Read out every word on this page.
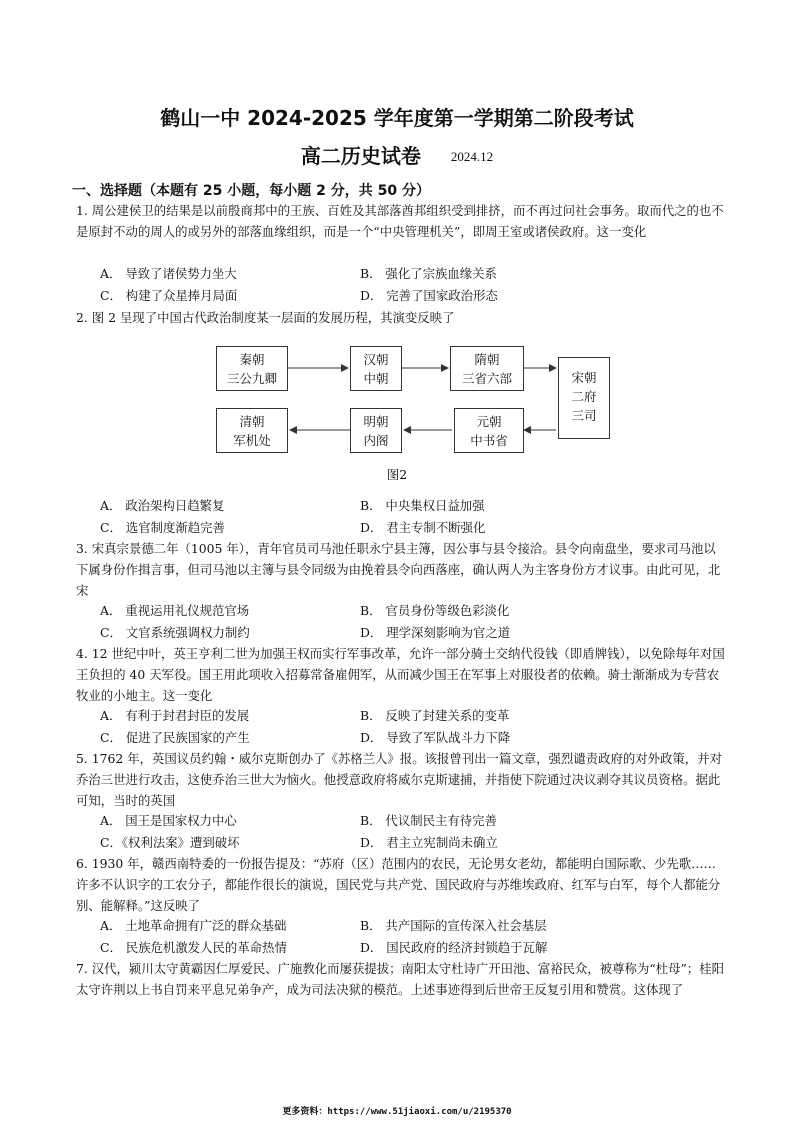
鹤山一中 2024-2025 学年度第一学期第二阶段考试
高二历史试卷 2024.12
一、选择题（本题有 25 小题，每小题 2 分，共 50 分）
1. 周公建侯卫的结果是以前殷商邦中的王族、百姓及其部落酋邦组织受到排挤，而不再过问社会事务。取而代之的也不是原封不动的周人的或另外的部落血缘组织，而是一个“中央管理机关”，即周王室或诸侯政府。这一变化
A． 导致了诸侯势力坐大	B． 强化了宗族血缘关系
C． 构建了众星捧月局面	D． 完善了国家政治形态
2. 图 2 呈现了中国古代政治制度某一层面的发展历程，其演变反映了
秦朝
三公九卿
汉朝
中朝
隋朝
三省六部	宋朝
二府
三司
元朝
中书省
明朝
内阁
清朝
军机处
图2
A． 政治架构日趋繁复	B． 中央集权日益加强
C． 选官制度渐趋完善	D． 君主专制不断强化
3. 宋真宗景德二年（1005 年），青年官员司马池任职永宁县主簿，因公事与县令接洽。县令向南盘坐，要求司马池以下属身份作揖言事，但司马池以主簿与县令同级为由挽着县令向西落座，确认两人为主客身份方才议事。由此可见，北宋
A． 重视运用礼仪规范官场	B． 官员身份等级色彩淡化
C． 文官系统强调权力制约	D． 理学深刻影响为官之道
4. 12 世纪中叶，英王亨利二世为加强王权而实行军事改革，允许一部分骑士交纳代役钱（即盾牌钱），以免除每年对国王负担的 40 天军役。国王用此项收入招募常备雇佣军，从而减少国王在军事上对服役者的依赖。骑士渐渐成为专营农牧业的小地主。这一变化
A． 有利于封君封臣的发展	B． 反映了封建关系的变革
C． 促进了民族国家的产生	D． 导致了军队战斗力下降
5. 1762 年，英国议员约翰・威尔克斯创办了《苏格兰人》报。该报曾刊出一篇文章，强烈谴责政府的对外政策，并对乔治三世进行攻击，这使乔治三世大为恼火。他授意政府将威尔克斯逮捕，并指使下院通过决议剥夺其议员资格。据此可知，当时的英国
A． 国王是国家权力中心	B． 代议制民主有待完善
C．《权利法案》遭到破坏	D． 君主立宪制尚未确立
6. 1930 年，赣西南特委的一份报告提及：“苏府（区）范围内的农民，无论男女老幼，都能明白国际歌、少先歌……许多不认识字的工农分子，都能作很长的演说，国民党与共产党、国民政府与苏维埃政府、红军与白军，每个人都能分别、能解释。”这反映了
A． 土地革命拥有广泛的群众基础	B． 共产国际的宣传深入社会基层
C． 民族危机激发人民的革命热情	D． 国民政府的经济封锁趋于瓦解
7. 汉代，颍川太守黄霸因仁厚爱民、广施教化而屡获提拔；南阳太守杜诗广开田池、富裕民众，被尊称为“杜母”；桂阳太守许荆以上书自罚来平息兄弟争产，成为司法决狱的模范。上述事迹得到后世帝王反复引用和赞赏。这体现了
更多资料：https://www.51jiaoxi.com/u/2195370
